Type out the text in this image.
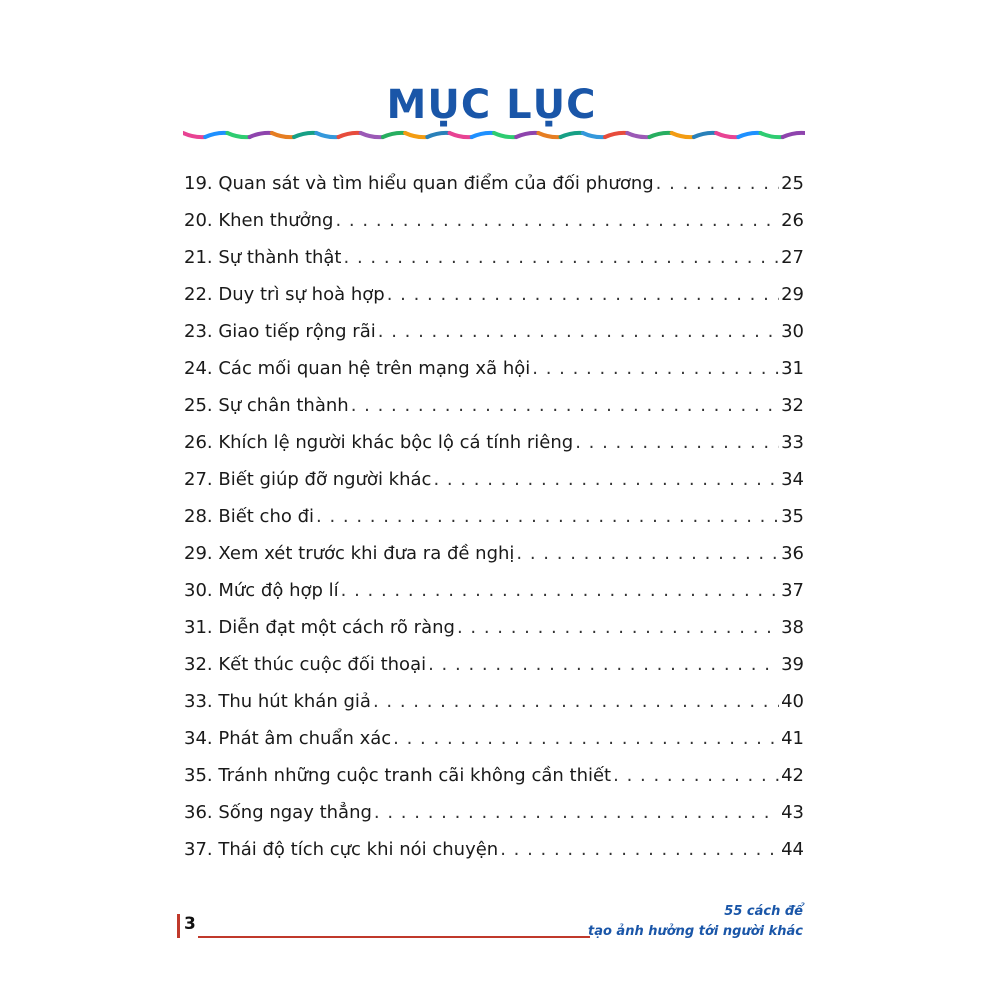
MỤC LỤC
19. Quan sát và tìm hiểu quan điểm của đối phương . . .	25
20. Khen thưởng . . .	26
21. Sự thành thật . . .	27
22. Duy trì sự hoà hợp . . .	29
23. Giao tiếp rộng rãi . . .	30
24. Các mối quan hệ trên mạng xã hội . . .	31
25. Sự chân thành . . .	32
26. Khích lệ người khác bộc lộ cá tính riêng . . .	33
27. Biết giúp đỡ người khác . . .	34
28. Biết cho đi . . .	35
29. Xem xét trước khi đưa ra đề nghị . . .	36
30. Mức độ hợp lí . . .	37
31. Diễn đạt một cách rõ ràng . . .	38
32. Kết thúc cuộc đối thoại . . .	39
33. Thu hút khán giả . . .	40
34. Phát âm chuẩn xác . . .	41
35. Tránh những cuộc tranh cãi không cần thiết . . .	42
36. Sống ngay thẳng . . .	43
37. Thái độ tích cực khi nói chuyện . . .	44
3
55 cách để
tạo ảnh hưởng tới người khác
